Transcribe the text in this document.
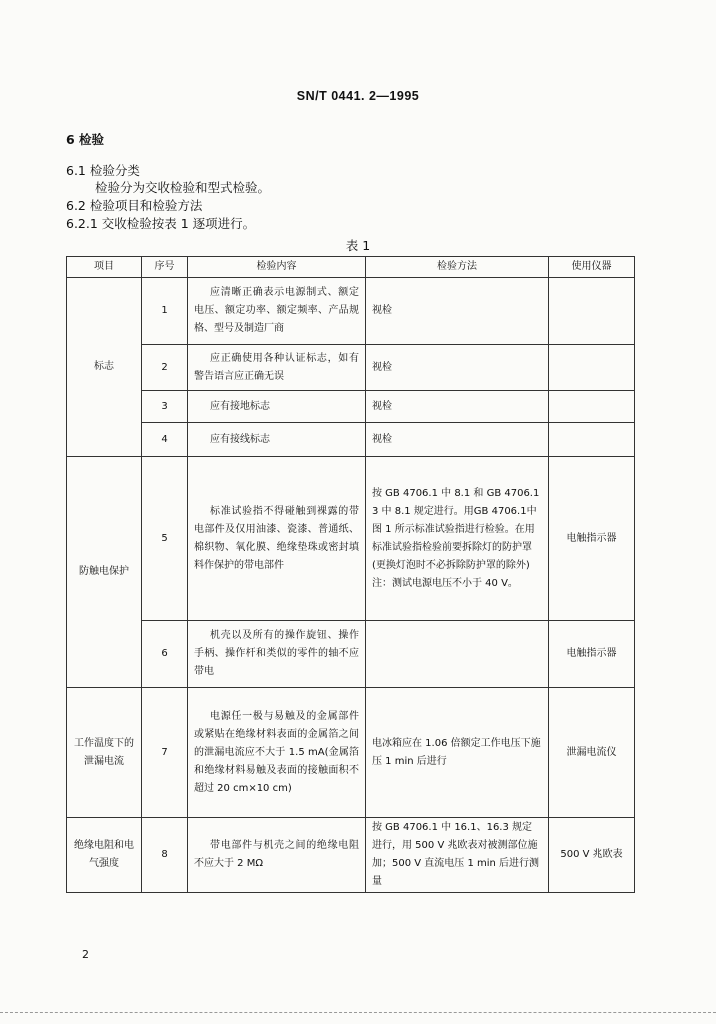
SN/T 0441. 2—1995
6 检验
6.1 检验分类
检验分为交收检验和型式检验。
6.2 检验项目和检验方法
6.2.1 交收检验按表 1 逐项进行。
表 1
项目	序号	检验内容	检验方法	使用仪器
标志	1	应清晰正确表示电源制式、额定电压、额定功率、额定频率、产品规格、型号及制造厂商	视检	
	2	应正确使用各种认证标志，如有警告语言应正确无误	视检	
	3	应有接地标志	视检	
	4	应有接线标志	视检	
防触电保护	5	标准试验指不得碰触到裸露的带电部件及仅用油漆、瓷漆、普通纸、棉织物、氧化膜、绝缘垫珠或密封填料作保护的带电部件	按 GB 4706.1 中 8.1 和 GB 4706.13 中 8.1 规定进行。用GB 4706.1中图 1 所示标准试验指进行检验。在用标准试验指检验前要拆除灯的防护罩(更换灯泡时不必拆除防护罩的除外)注：测试电源电压不小于 40 V。	电触指示器
	6	机壳以及所有的操作旋钮、操作手柄、操作杆和类似的零件的轴不应带电		电触指示器
工作温度下的泄漏电流	7	电源任一极与易触及的金属部件或紧贴在绝缘材料表面的金属箔之间的泄漏电流应不大于 1.5 mA(金属箔和绝缘材料易触及表面的接触面积不超过 20 cm×10 cm)	电冰箱应在 1.06 倍额定工作电压下施压 1 min 后进行	泄漏电流仪
绝缘电阻和电气强度	8	带电部件与机壳之间的绝缘电阻不应大于 2 MΩ	按 GB 4706.1 中 16.1、16.3 规定进行，用 500 V 兆欧表对被测部位施加；500 V 直流电压 1 min 后进行测量	500 V 兆欧表
2
